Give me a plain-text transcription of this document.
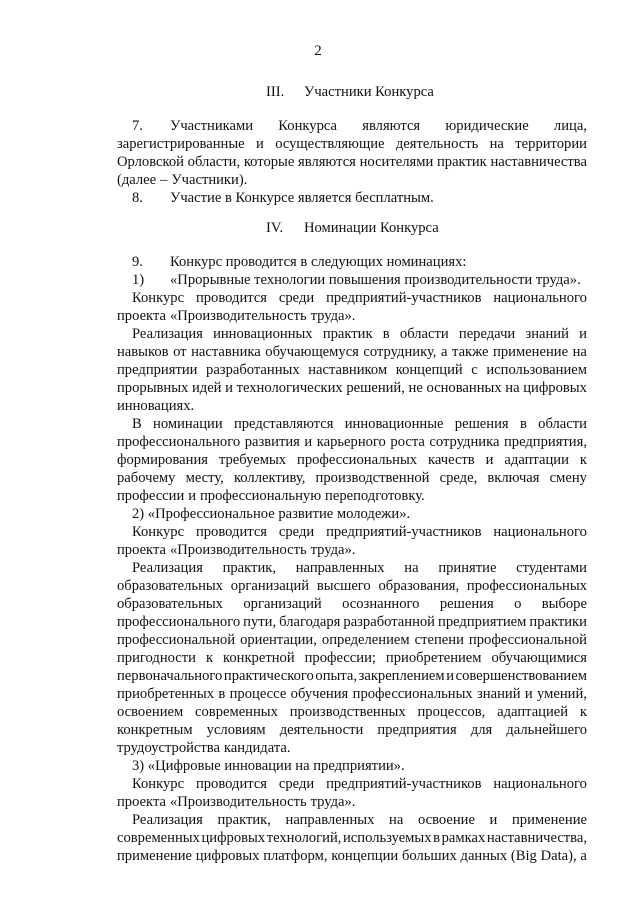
2
III. Участники Конкурса
7. Участниками Конкурса являются юридические лица,
зарегистрированные и осуществляющие деятельность на территории
Орловской области, которые являются носителями практик наставничества
(далее – Участники).
8. Участие в Конкурсе является бесплатным.
IV. Номинации Конкурса
9. Конкурс проводится в следующих номинациях:
1) «Прорывные технологии повышения производительности труда».
Конкурс проводится среди предприятий-участников национального
проекта «Производительность труда».
Реализация инновационных практик в области передачи знаний и
навыков от наставника обучающемуся сотруднику, а также применение на
предприятии разработанных наставником концепций с использованием
прорывных идей и технологических решений, не основанных на цифровых
инновациях.
В номинации представляются инновационные решения в области
профессионального развития и карьерного роста сотрудника предприятия,
формирования требуемых профессиональных качеств и адаптации к
рабочему месту, коллективу, производственной среде, включая смену
профессии и профессиональную переподготовку.
2) «Профессиональное развитие молодежи».
Конкурс проводится среди предприятий-участников национального
проекта «Производительность труда».
Реализация практик, направленных на принятие студентами
образовательных организаций высшего образования, профессиональных
образовательных организаций осознанного решения о выборе
профессионального пути, благодаря разработанной предприятием практики
профессиональной ориентации, определением степени профессиональной
пригодности к конкретной профессии; приобретением обучающимися
первоначального практического опыта, закреплением и совершенствованием
приобретенных в процессе обучения профессиональных знаний и умений,
освоением современных производственных процессов, адаптацией к
конкретным условиям деятельности предприятия для дальнейшего
трудоустройства кандидата.
3) «Цифровые инновации на предприятии».
Конкурс проводится среди предприятий-участников национального
проекта «Производительность труда».
Реализация практик, направленных на освоение и применение
современных цифровых технологий, используемых в рамках наставничества,
применение цифровых платформ, концепции больших данных (Big Data), а
